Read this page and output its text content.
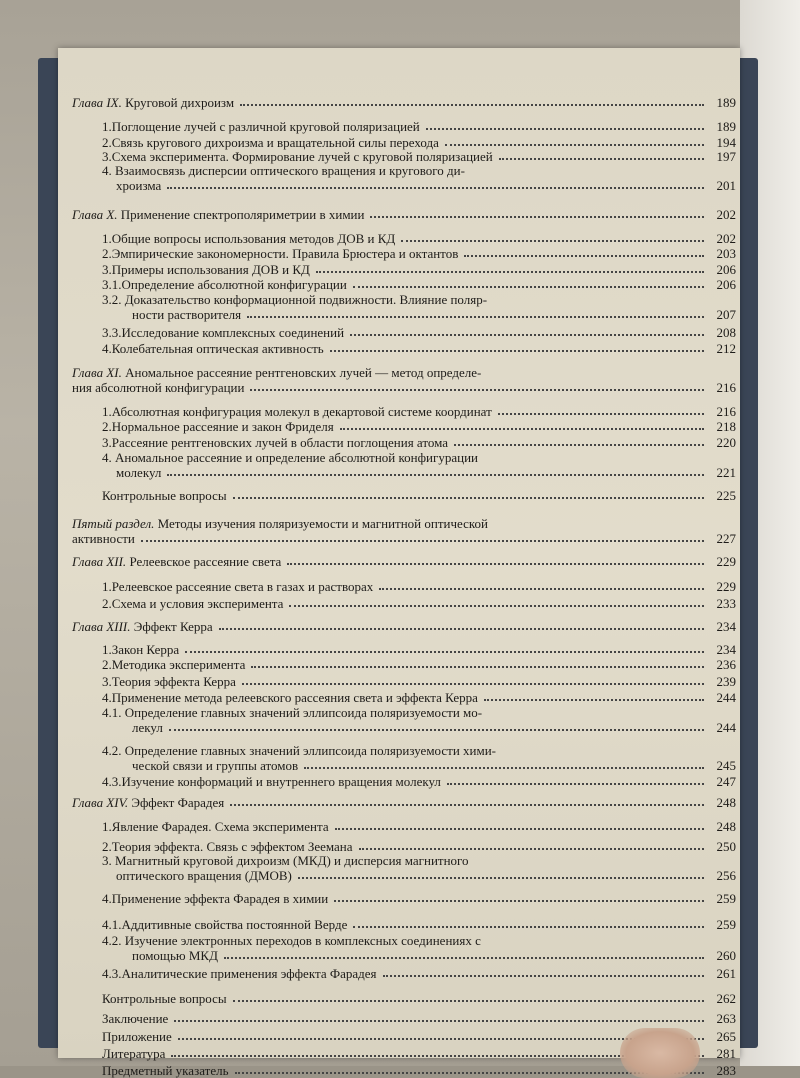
Глава IX. Круговой дихроизм	189
1. Поглощение лучей с различной круговой поляризацией	189
2. Связь кругового дихроизма и вращательной силы перехода	194
3. Схема эксперимента. Формирование лучей с круговой поляризацией	197
4. Взаимосвязь дисперсии оптического вращения и кругового ди-
хроизма	201
Глава X. Применение спектрополяриметрии в химии	202
1. Общие вопросы использования методов ДОВ и КД	202
2. Эмпирические закономерности. Правила Брюстера и октантов	203
3. Примеры использования ДОВ и КД	206
3.1. Определение абсолютной конфигурации	206
3.2. Доказательство конформационной подвижности. Влияние поляр-
ности растворителя	207
3.3. Исследование комплексных соединений	208
4. Колебательная оптическая активность	212
Глава XI. Аномальное рассеяние рентгеновских лучей — метод определе-
ния абсолютной конфигурации	216
1. Абсолютная конфигурация молекул в декартовой системе координат	216
2. Нормальное рассеяние и закон Фриделя	218
3. Рассеяние рентгеновских лучей в области поглощения атома	220
4. Аномальное рассеяние и определение абсолютной конфигурации
молекул	221
Контрольные вопросы	225
Пятый раздел. Методы изучения поляризуемости и магнитной оптической
активности	227
Глава XII. Релеевское рассеяние света	229
1. Релеевское рассеяние света в газах и растворах	229
2. Схема и условия эксперимента	233
Глава XIII. Эффект Керра	234
1. Закон Керра	234
2. Методика эксперимента	236
3. Теория эффекта Керра	239
4. Применение метода релеевского рассеяния света и эффекта Керра	244
4.1. Определение главных значений эллипсоида поляризуемости мо-
лекул	244
4.2. Определение главных значений эллипсоида поляризуемости хими-
ческой связи и группы атомов	245
4.3. Изучение конформаций и внутреннего вращения молекул	247
Глава XIV. Эффект Фарадея	248
1. Явление Фарадея. Схема эксперимента	248
2. Теория эффекта. Связь с эффектом Зеемана	250
3. Магнитный круговой дихроизм (МКД) и дисперсия магнитного
оптического вращения (ДМОВ)	256
4. Применение эффекта Фарадея в химии	259
4.1. Аддитивные свойства постоянной Верде	259
4.2. Изучение электронных переходов в комплексных соединениях с
помощью МКД	260
4.3. Аналитические применения эффекта Фарадея	261
Контрольные вопросы	262
Заключение	263
Приложение	265
Литература	281
Предметный указатель	283
